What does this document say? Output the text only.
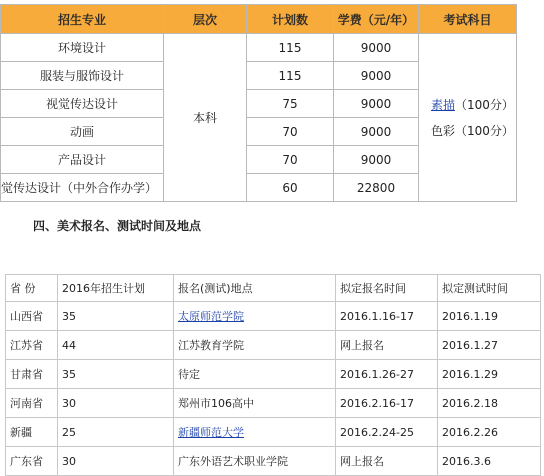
招生专业	层次	计划数	学费（元/年）	考试科目
环境设计	本科	115	9000	素描（100分）
色彩（100分）
服装与服饰设计		115	9000	
视觉传达设计		75	9000	
动画		70	9000	
产品设计		70	9000	
觉传达设计（中外合作办学）		60	22800	
四、美术报名、测试时间及地点
省 份	2016年招生计划	报名(测试)地点	拟定报名时间	拟定测试时间
山西省	35	太原师范学院	2016.1.16-17	2016.1.19
江苏省	44	江苏教育学院	网上报名	2016.1.27
甘肃省	35	待定	2016.1.26-27	2016.1.29
河南省	30	郑州市106高中	2016.2.16-17	2016.2.18
新疆	25	新疆师范大学	2016.2.24-25	2016.2.26
广东省	30	广东外语艺术职业学院	网上报名	2016.3.6
